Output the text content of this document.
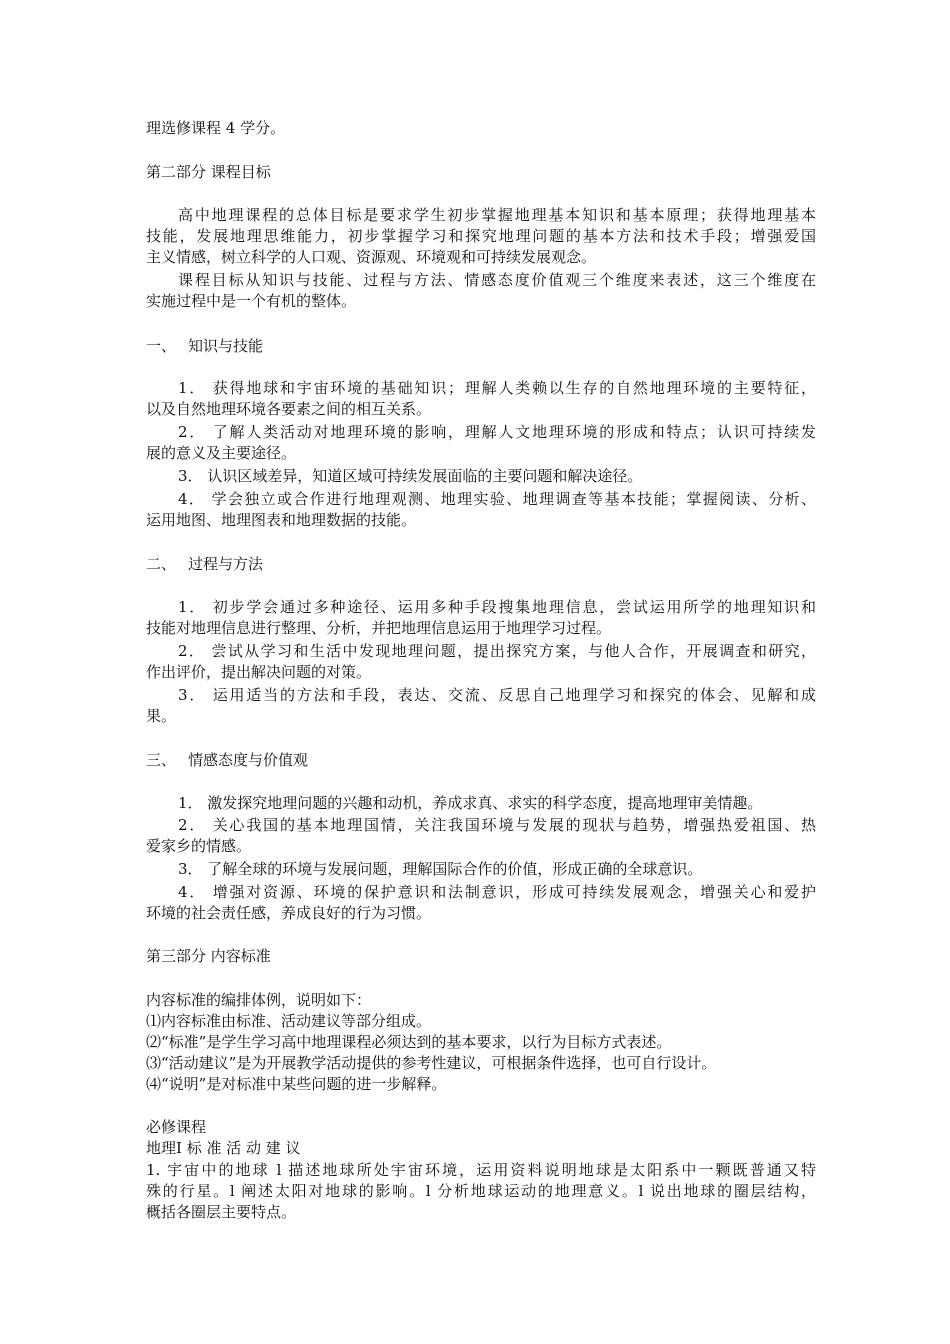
理选修课程 4 学分。
第二部分 课程目标
高中地理课程的总体目标是要求学生初步掌握地理基本知识和基本原理；获得地理基本
技能，发展地理思维能力，初步掌握学习和探究地理问题的基本方法和技术手段；增强爱国
主义情感，树立科学的人口观、资源观、环境观和可持续发展观念。
课程目标从知识与技能、过程与方法、情感态度价值观三个维度来表述，这三个维度在
实施过程中是一个有机的整体。
一、 知识与技能
1． 获得地球和宇宙环境的基础知识；理解人类赖以生存的自然地理环境的主要特征，
以及自然地理环境各要素之间的相互关系。
2． 了解人类活动对地理环境的影响，理解人文地理环境的形成和特点；认识可持续发
展的意义及主要途径。
3． 认识区域差异，知道区域可持续发展面临的主要问题和解决途径。
4． 学会独立或合作进行地理观测、地理实验、地理调查等基本技能；掌握阅读、分析、
运用地图、地理图表和地理数据的技能。
二、 过程与方法
1． 初步学会通过多种途径、运用多种手段搜集地理信息，尝试运用所学的地理知识和
技能对地理信息进行整理、分析，并把地理信息运用于地理学习过程。
2． 尝试从学习和生活中发现地理问题，提出探究方案，与他人合作，开展调查和研究，
作出评价，提出解决问题的对策。
3． 运用适当的方法和手段，表达、交流、反思自己地理学习和探究的体会、见解和成
果。
三、 情感态度与价值观
1． 激发探究地理问题的兴趣和动机，养成求真、求实的科学态度，提高地理审美情趣。
2． 关心我国的基本地理国情，关注我国环境与发展的现状与趋势，增强热爱祖国、热
爱家乡的情感。
3． 了解全球的环境与发展问题，理解国际合作的价值，形成正确的全球意识。
4． 增强对资源、环境的保护意识和法制意识，形成可持续发展观念，增强关心和爱护
环境的社会责任感，养成良好的行为习惯。
第三部分 内容标准
内容标准的编排体例，说明如下：
⑴内容标准由标准、活动建议等部分组成。
⑵“标准”是学生学习高中地理课程必须达到的基本要求，以行为目标方式表述。
⑶“活动建议”是为开展教学活动提供的参考性建议，可根据条件选择，也可自行设计。
⑷“说明”是对标准中某些问题的进一步解释。
必修课程
地理Ⅰ 标 准 活 动 建 议
1. 宇宙中的地球 l 描述地球所处宇宙环境，运用资料说明地球是太阳系中一颗既普通又特
殊的行星。l 阐述太阳对地球的影响。l 分析地球运动的地理意义。l 说出地球的圈层结构，
概括各圈层主要特点。
